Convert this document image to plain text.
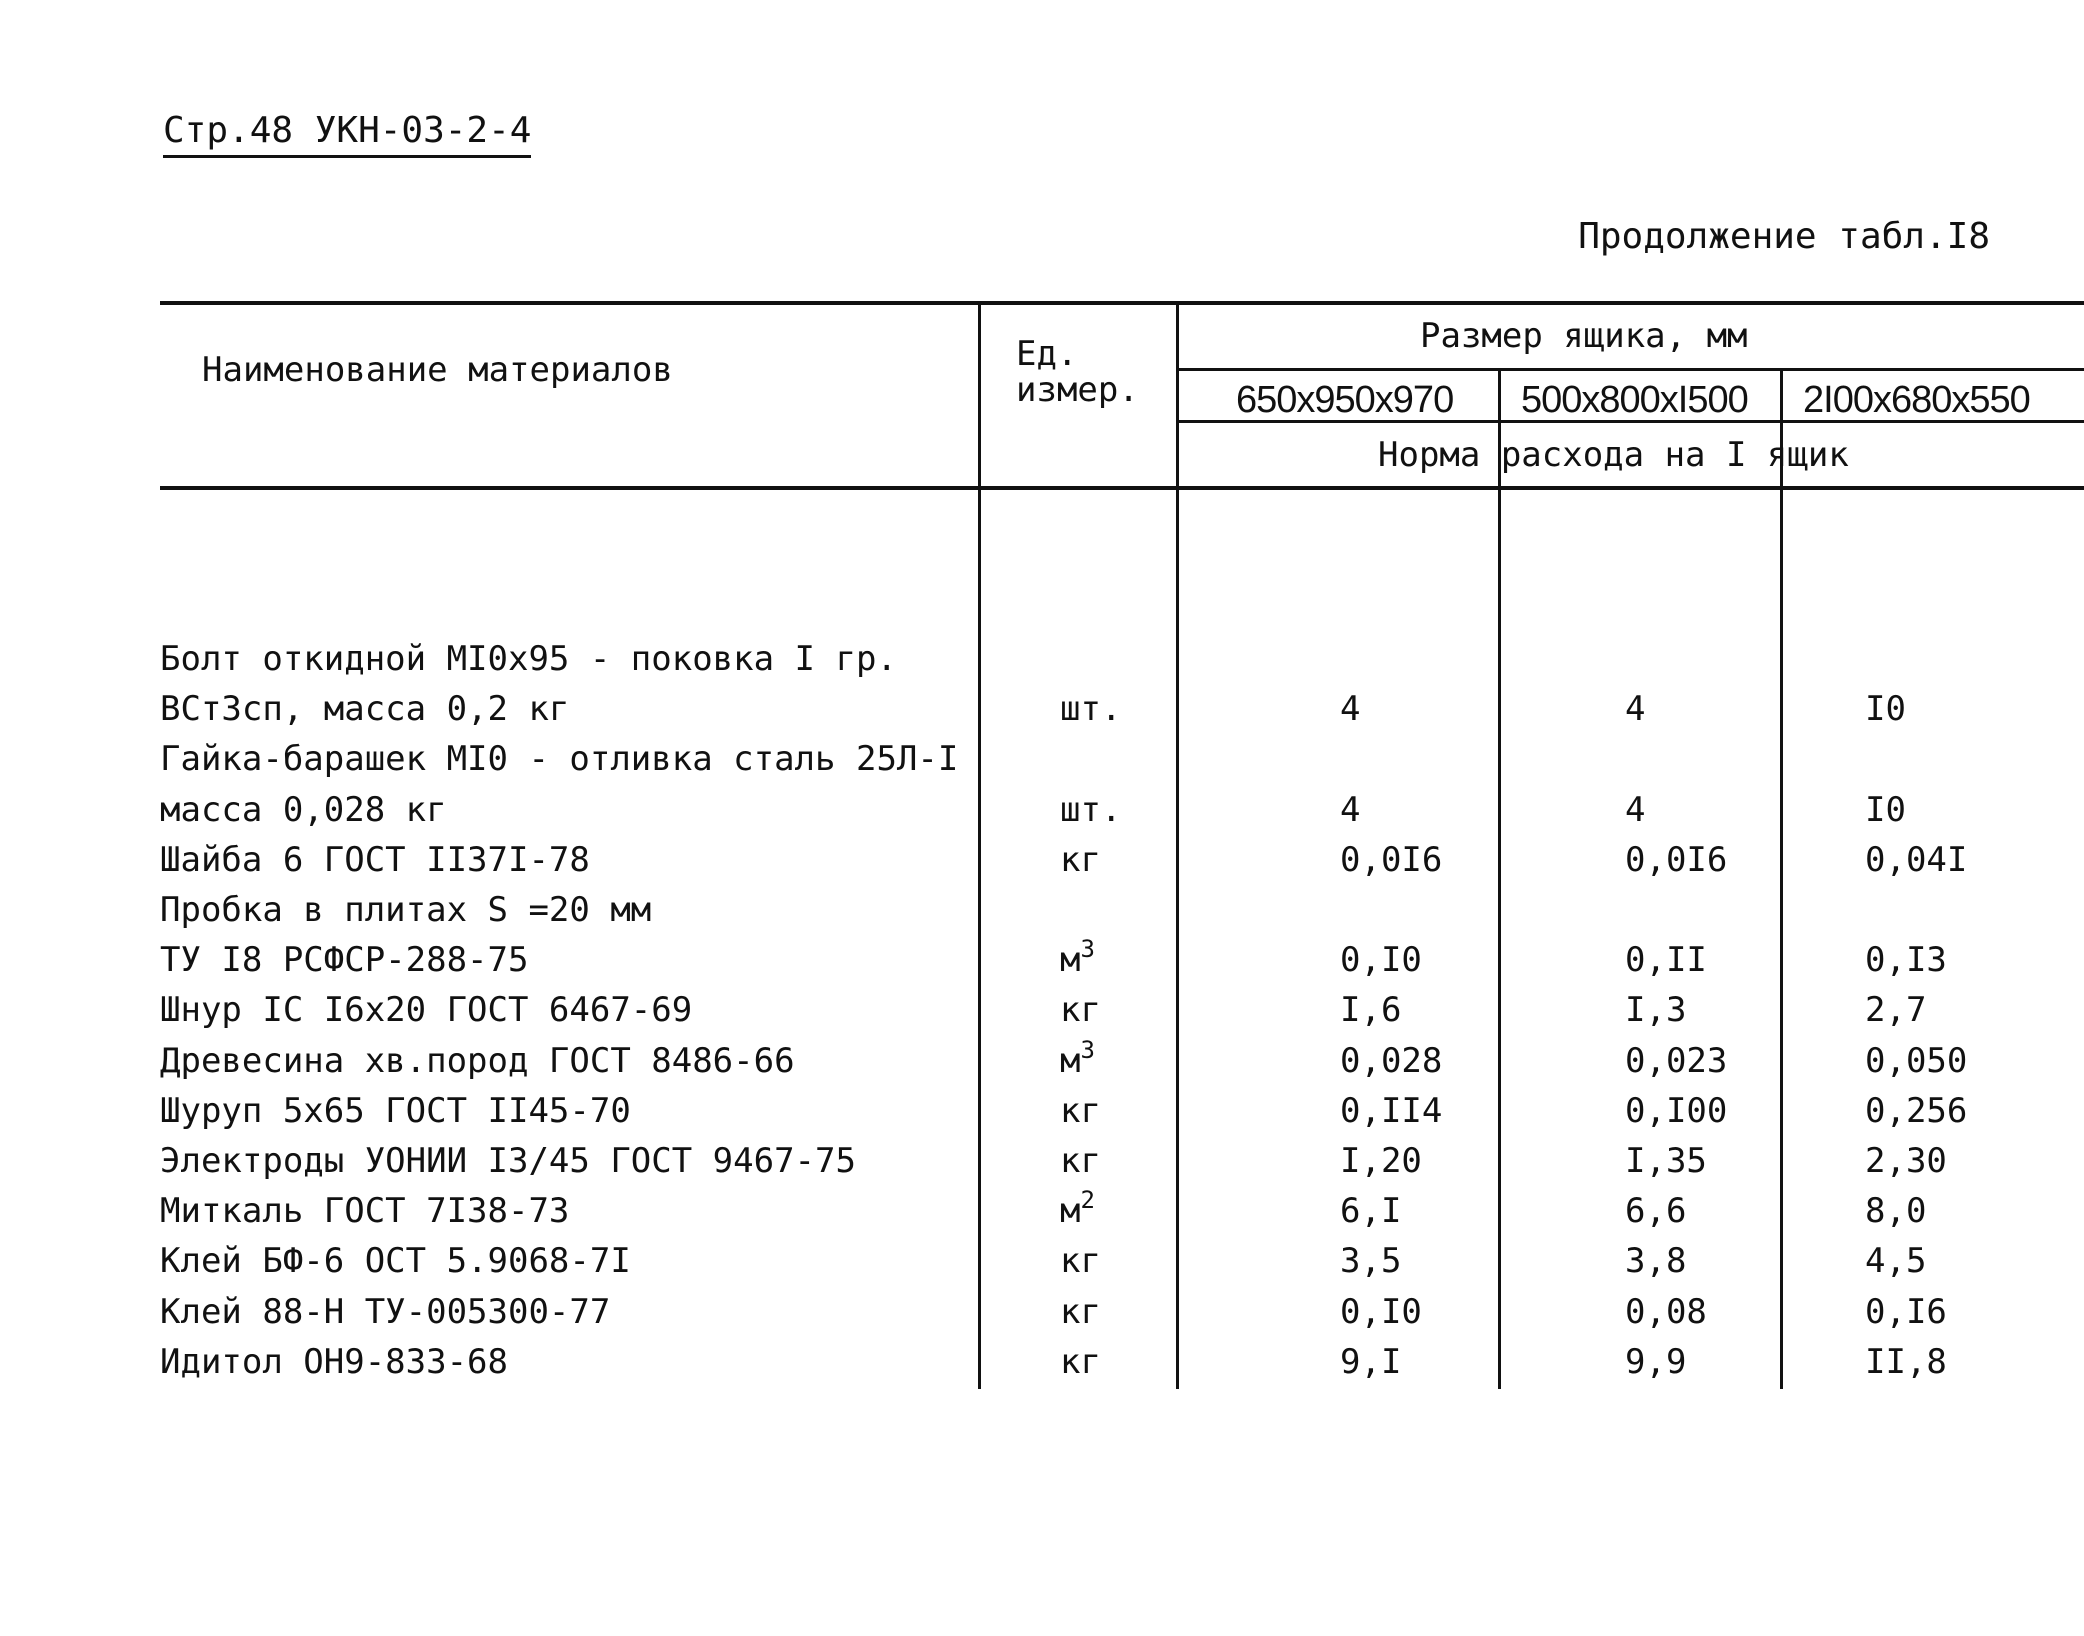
Стр.48 УКН-03-2-4
Продолжение табл.I8
Наименование материалов	Ед.
измер.
Размер ящика, мм
650х950х970 500х800хI500 2I00х680х550
Норма расхода на I ящик
Болт откидной МI0х95 - поковка I гр.
ВСт3сп, масса 0,2 кг	шт.	4	4	I0
Гайка-барашек МI0 - отливка сталь 25Л-I
масса 0,028 кг	шт.	4	4	I0
Шайба 6 ГОСТ II37I-78	кг	0,0I6	0,0I6	0,04I
Пробка в плитах S =20 мм
ТУ I8 РСФСР-288-75	$м^3$	0,I0	0,II	0,I3
Шнур IС I6х20 ГОСТ 6467-69	кг	I,6	I,3	2,7
Древесина хв.пород ГОСТ 8486-66	$м^3$	0,028	0,023	0,050
Шуруп 5х65 ГОСТ II45-70	кг	0,II4	0,I00	0,256
Электроды УОНИИ I3/45 ГОСТ 9467-75	кг	I,20	I,35	2,30
Миткаль ГОСТ 7I38-73	$м^2$	6,I	6,6	8,0
Клей БФ-6 ОСТ 5.9068-7I	кг	3,5	3,8	4,5
Клей 88-Н ТУ-005300-77	кг	0,I0	0,08	0,I6
Идитол ОН9-833-68	кг	9,I	9,9	II,8
